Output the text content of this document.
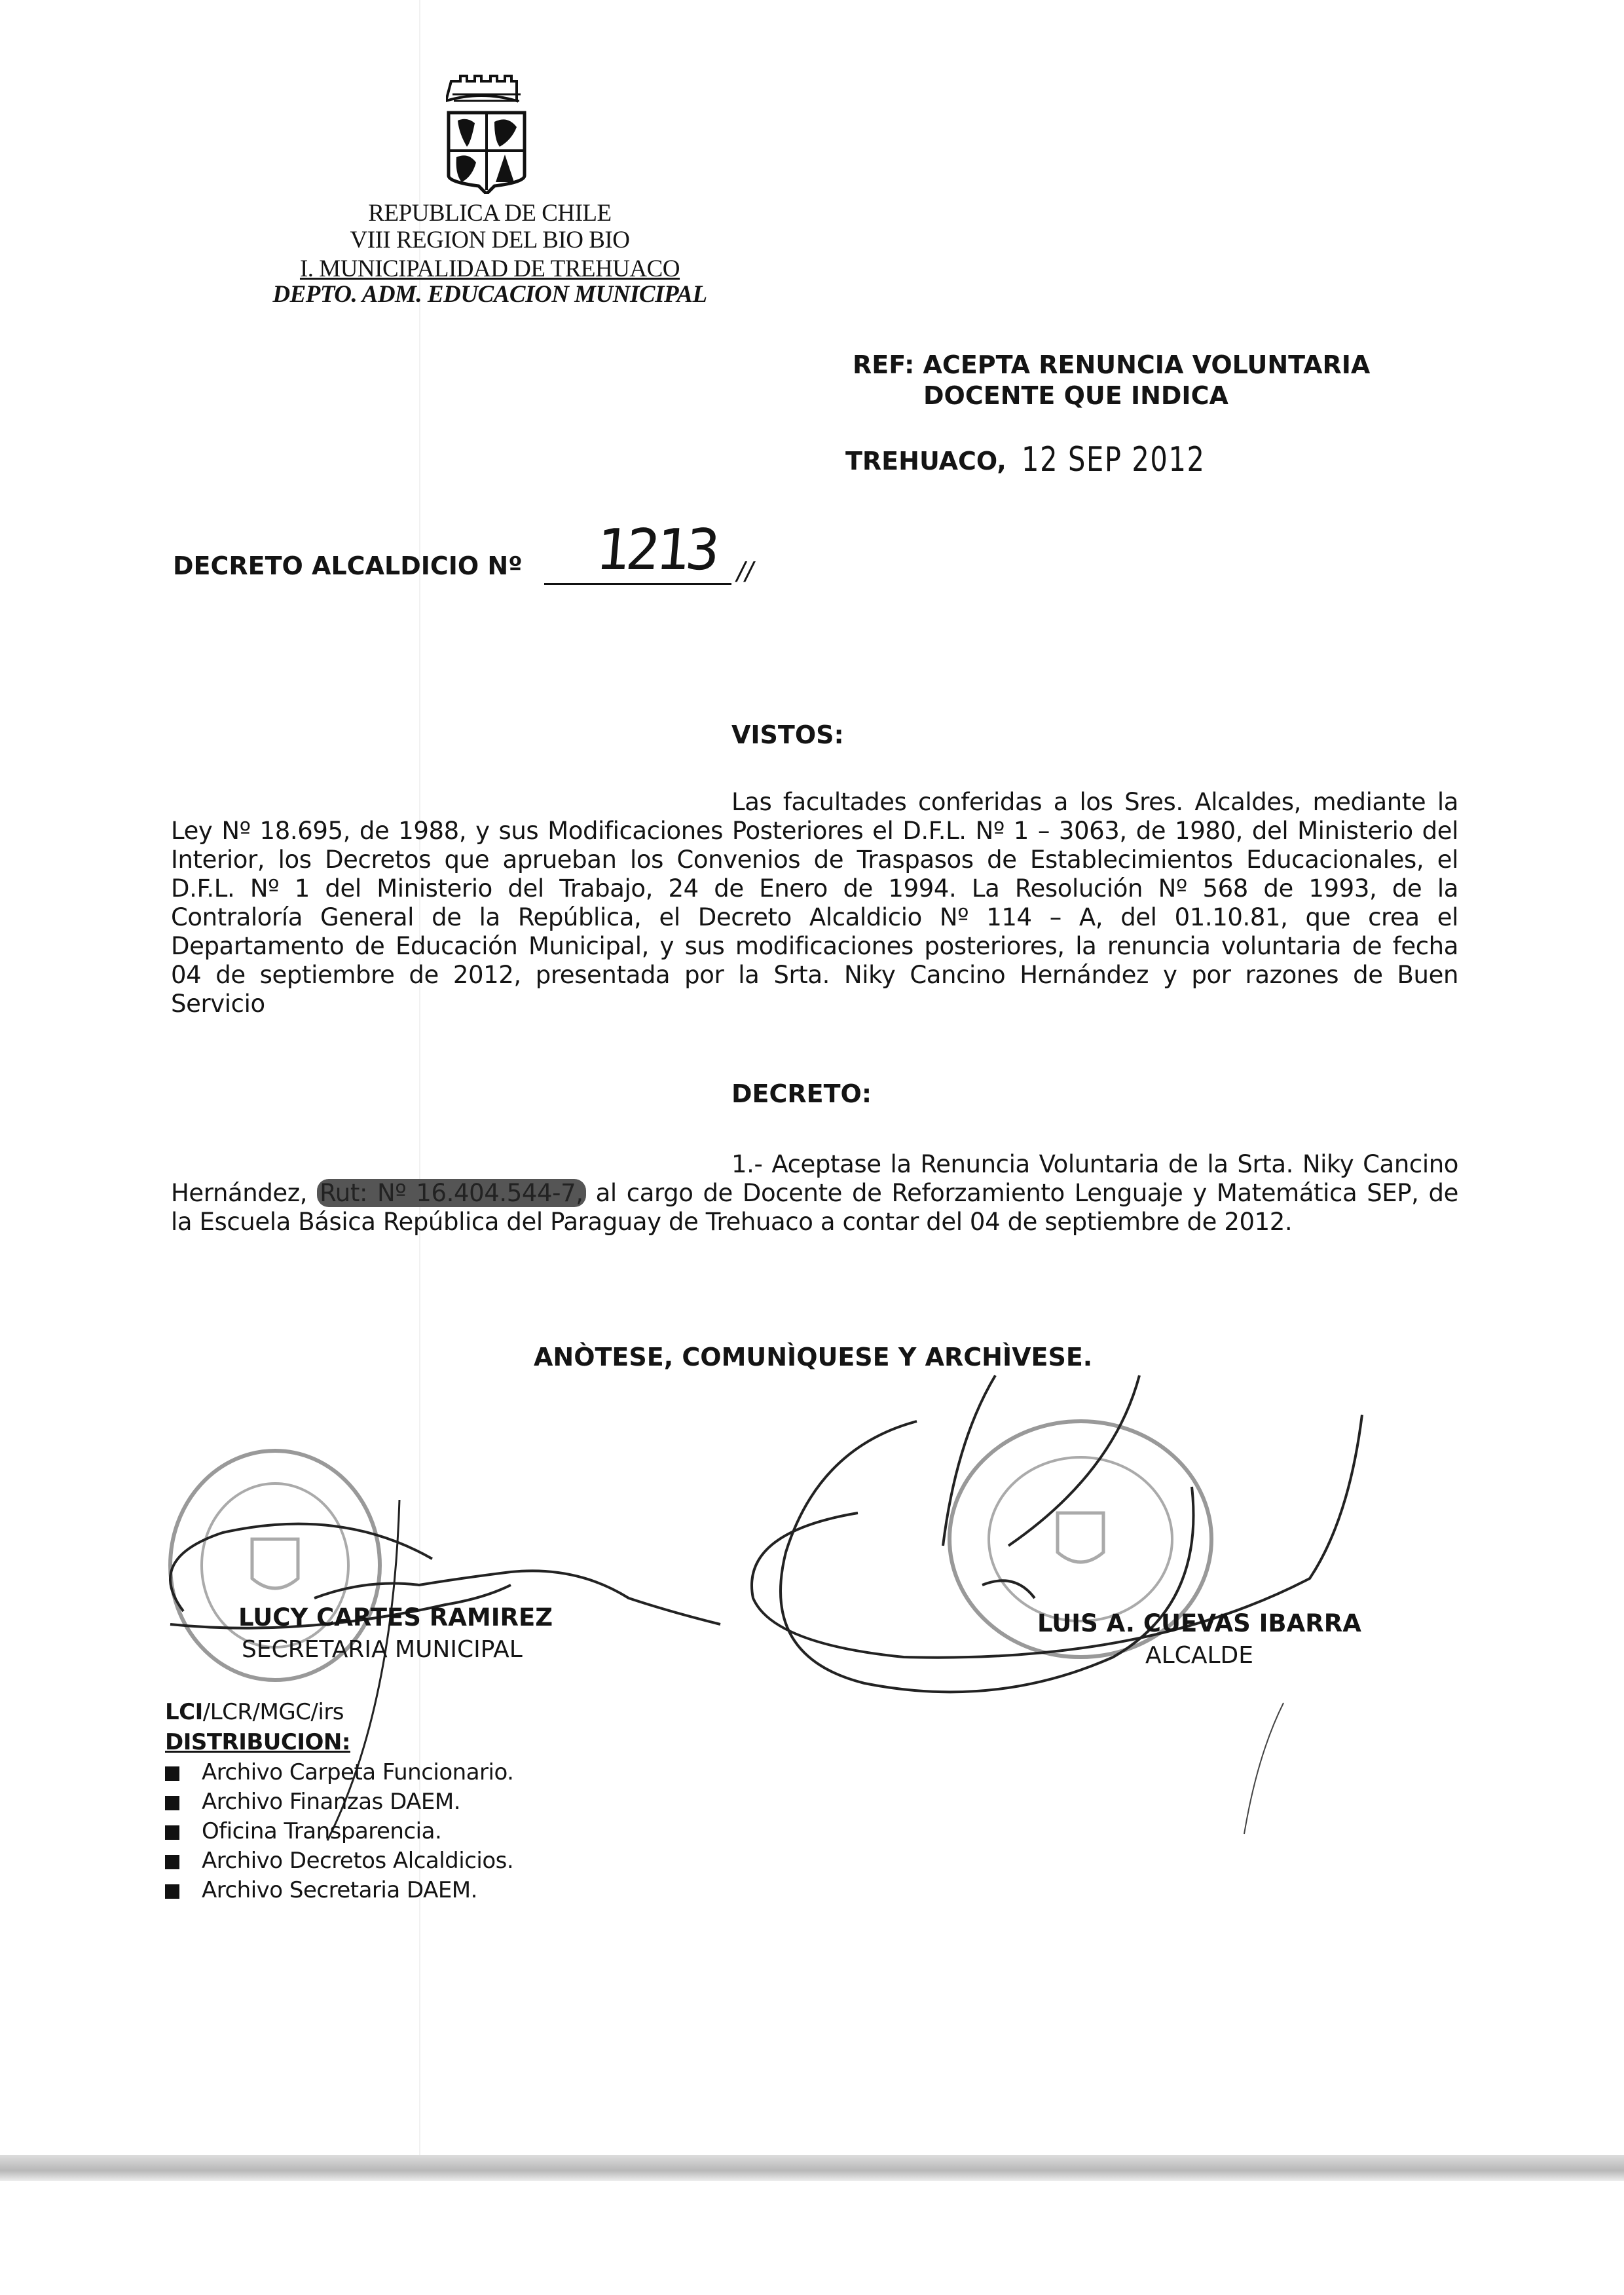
REPUBLICA DE CHILE
VIII REGION DEL BIO BIO
I. MUNICIPALIDAD DE TREHUACO
DEPTO. ADM. EDUCACION MUNICIPAL
REF: ACEPTA RENUNCIA VOLUNTARIA
DOCENTE QUE INDICA
TREHUACO, 12 SEP 2012
DECRETO ALCALDICIO Nº 1213 //
VISTOS:
Las facultades conferidas a los Sres. Alcaldes, mediante la
Ley Nº 18.695, de 1988, y sus Modificaciones Posteriores el D.F.L. Nº 1 – 3063, de 1980, del Ministerio del
Interior, los Decretos que aprueban los Convenios de Traspasos de Establecimientos Educacionales, el
D.F.L. Nº 1 del Ministerio del Trabajo, 24 de Enero de 1994. La Resolución Nº 568 de 1993, de la
Contraloría General de la República, el Decreto Alcaldicio Nº 114 – A, del 01.10.81, que crea el
Departamento de Educación Municipal, y sus modificaciones posteriores, la renuncia voluntaria de fecha
04 de septiembre de 2012, presentada por la Srta. Niky Cancino Hernández y por razones de Buen
Servicio
DECRETO:
1.- Aceptase la Renuncia Voluntaria de la Srta. Niky Cancino
Hernández, Rut: Nº 16.404.544-7, al cargo de Docente de Reforzamiento Lenguaje y Matemática SEP, de
la Escuela Básica República del Paraguay de Trehuaco a contar del 04 de septiembre de 2012.
ANÒTESE, COMUNÌQUESE Y ARCHÌVESE.
LUCY CARTES RAMIREZ
SECRETARIA MUNICIPAL
LUIS A. CUEVAS IBARRA
ALCALDE
LCI/LCR/MGC/irs
DISTRIBUCION:
Archivo Carpeta Funcionario.
Archivo Finanzas DAEM.
Oficina Transparencia.
Archivo Decretos Alcaldicios.
Archivo Secretaria DAEM.
